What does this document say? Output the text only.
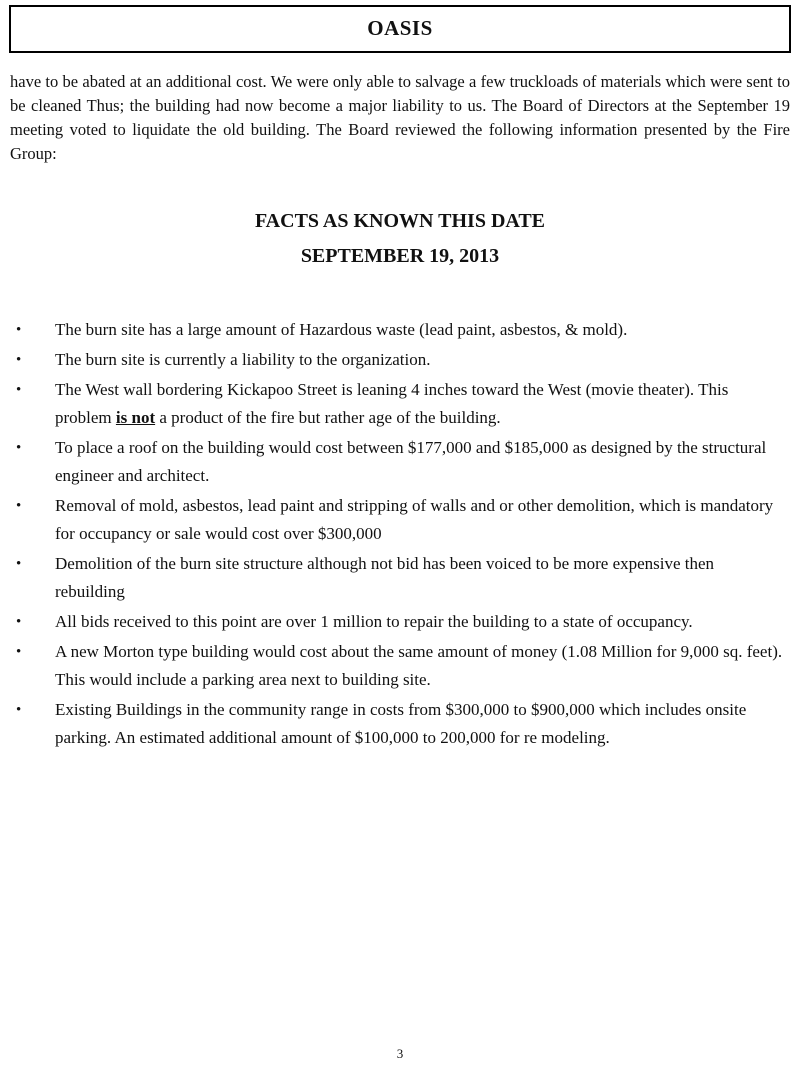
OASIS

have to be abated at an additional cost. We were only able to salvage a few truckloads of materials which were sent to be cleaned Thus; the building had now become a major liability to us. The Board of Directors at the September 19 meeting voted to liquidate the old building. The Board reviewed the following information presented by the Fire Group:

FACTS AS KNOWN THIS DATE
SEPTEMBER 19, 2013
•	The burn site has a large amount of Hazardous waste (lead paint, asbestos, & mold).
•	The burn site is currently a liability to the organization.
•	The West wall bordering Kickapoo Street is leaning 4 inches toward the West (movie theater). This problem is not a product of the fire but rather age of the building.
•	To place a roof on the building would cost between $177,000 and $185,000 as designed by the structural engineer and architect.
•	Removal of mold, asbestos, lead paint and stripping of walls and or other demolition, which is mandatory for occupancy or sale would cost over $300,000
•	Demolition of the burn site structure although not bid has been voiced to be more expensive then rebuilding
•	All bids received to this point are over 1 million to repair the building to a state of occupancy.
•	A new Morton type building would cost about the same amount of money (1.08 Million for 9,000 sq. feet). This would include a parking area next to building site.
•	Existing Buildings in the community range in costs from $300,000 to $900,000 which includes onsite parking. An estimated additional amount of $100,000 to 200,000 for re modeling.
3
